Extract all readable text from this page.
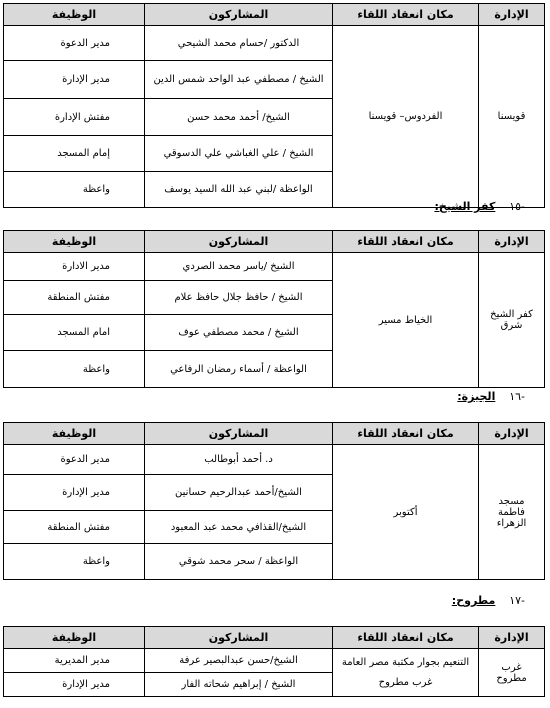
الإدارة	مكان انعقاد اللقاء	المشاركون	الوظيفة
قويسنا	الفردوس– قويسنا	الدكتور /حسام محمد الشيحي	مدير الدعوة
		الشيخ / مصطفي عبد الواحد شمس الدين	مدير الإدارة
		الشيخ/ أحمد محمد حسن	مفتش الإدارة
		الشيخ / علي الغباشي علي الدسوقي	إمام المسجد
		الواعظة /لبني عبد الله السيد يوسف	واعظة
-١٥ كفر الشيخ:
الإدارة	مكان انعقاد اللقاء	المشاركون	الوظيفة
كفر الشيخ شرق	الخياط مسير	الشيخ /ياسر محمد الصردي	مدير الادارة
		الشيخ / حافظ جلال حافظ علام	مفتش المنطقة
		الشيخ / محمد مصطفي عوف	امام المسجد
		الواعظة / أسماء رمضان الرفاعي	واعظة
-١٦ الجيزة:
الإدارة	مكان انعقاد اللقاء	المشاركون	الوظيفة
مسجد فاطمة الزهراء	أكتوبر	د. أحمد أبوطالب	مدير الدعوة
		الشيخ/أحمد عبدالرحيم حسانين	مدير الإدارة
		الشيخ/القذافي محمد عبد المعبود	مفتش المنطقة
		الواعظة / سحر محمد شوقي	واعظة
-١٧ مطروح:
الإدارة	مكان انعقاد اللقاء	المشاركون	الوظيفة
غرب مطروح	التنعيم بجوار مكتبة مصر العامة غرب مطروح	الشيخ/حسن عبدالبصير عرفة	مدير المديرية
		الشيخ / إبراهيم شحاته الفار	مدير الإدارة
